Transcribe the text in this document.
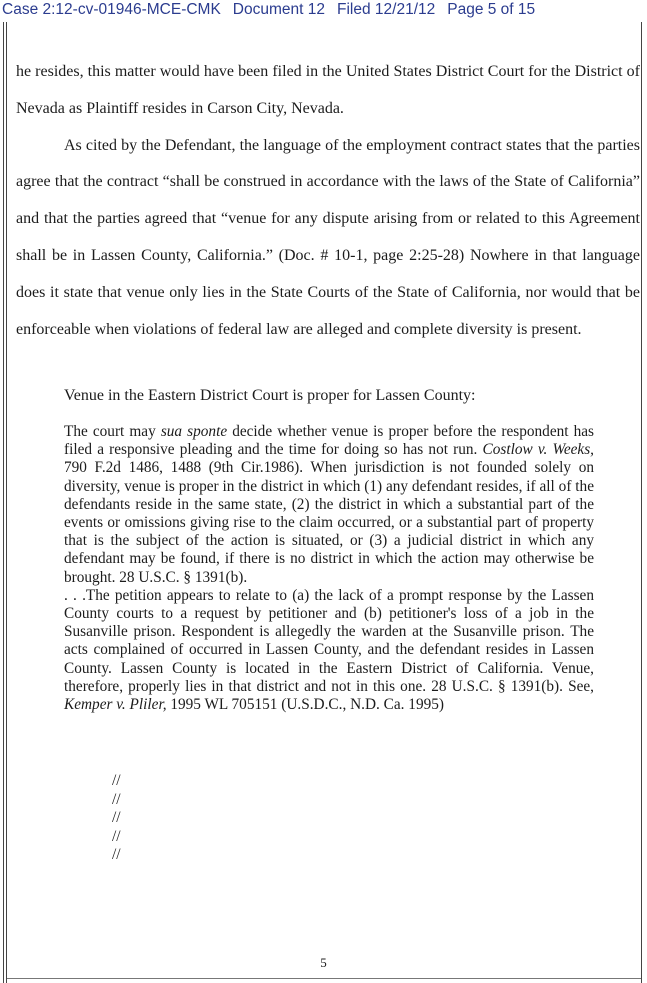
Case 2:12-cv-01946-MCE-CMK Document 12 Filed 12/21/12 Page 5 of 15

he resides, this matter would have been filed in the United States District Court for the District of Nevada as Plaintiff resides in Carson City, Nevada.

As cited by the Defendant, the language of the employment contract states that the parties agree that the contract “shall be construed in accordance with the laws of the State of California” and that the parties agreed that “venue for any dispute arising from or related to this Agreement shall be in Lassen County, California.” (Doc. # 10-1, page 2:25-28) Nowhere in that language does it state that venue only lies in the State Courts of the State of California, nor would that be enforceable when violations of federal law are alleged and complete diversity is present.

Venue in the Eastern District Court is proper for Lassen County:

The court may sua sponte decide whether venue is proper before the respondent has filed a responsive pleading and the time for doing so has not run. Costlow v. Weeks, 790 F.2d 1486, 1488 (9th Cir.1986). When jurisdiction is not founded solely on diversity, venue is proper in the district in which (1) any defendant resides, if all of the defendants reside in the same state, (2) the district in which a substantial part of the events or omissions giving rise to the claim occurred, or a substantial part of property that is the subject of the action is situated, or (3) a judicial district in which any defendant may be found, if there is no district in which the action may otherwise be brought. 28 U.S.C. § 1391(b).

. . .The petition appears to relate to (a) the lack of a prompt response by the Lassen County courts to a request by petitioner and (b) petitioner's loss of a job in the Susanville prison. Respondent is allegedly the warden at the Susanville prison. The acts complained of occurred in Lassen County, and the defendant resides in Lassen County. Lassen County is located in the Eastern District of California. Venue, therefore, properly lies in that district and not in this one. 28 U.S.C. § 1391(b). See, Kemper v. Pliler, 1995 WL 705151 (U.S.D.C., N.D. Ca. 1995)

//
//
//
//
//
5
